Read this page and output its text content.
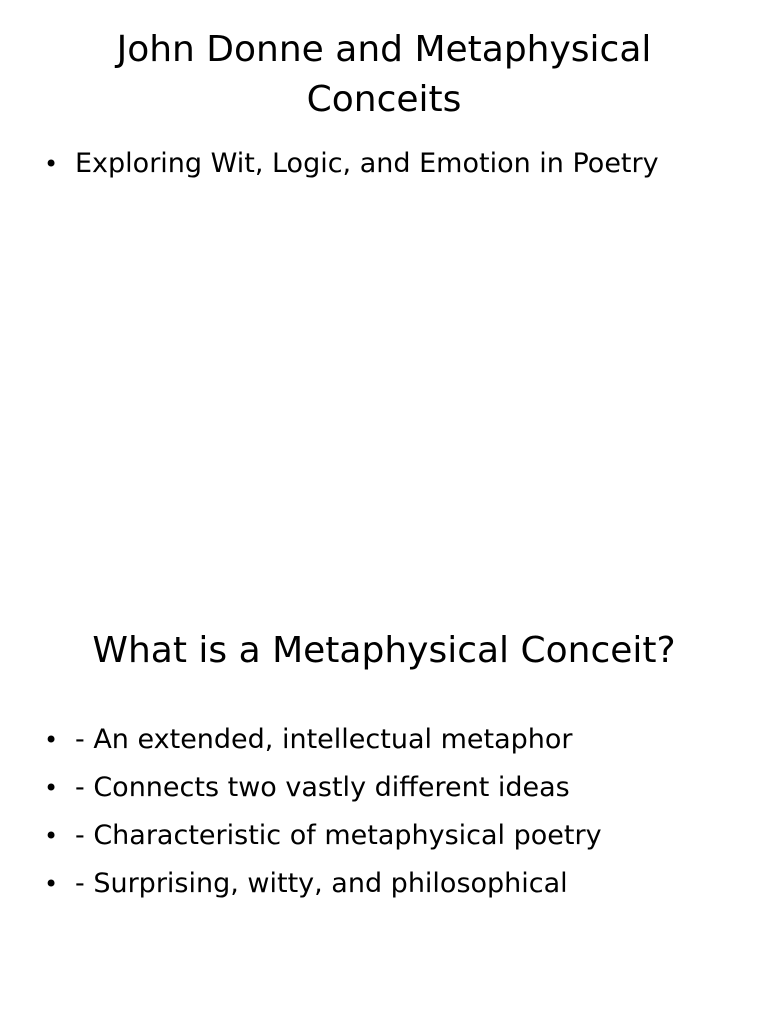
John Donne and Metaphysical Conceits
• Exploring Wit, Logic, and Emotion in Poetry
What is a Metaphysical Conceit?
• - An extended, intellectual metaphor
• - Connects two vastly different ideas
• - Characteristic of metaphysical poetry
• - Surprising, witty, and philosophical
